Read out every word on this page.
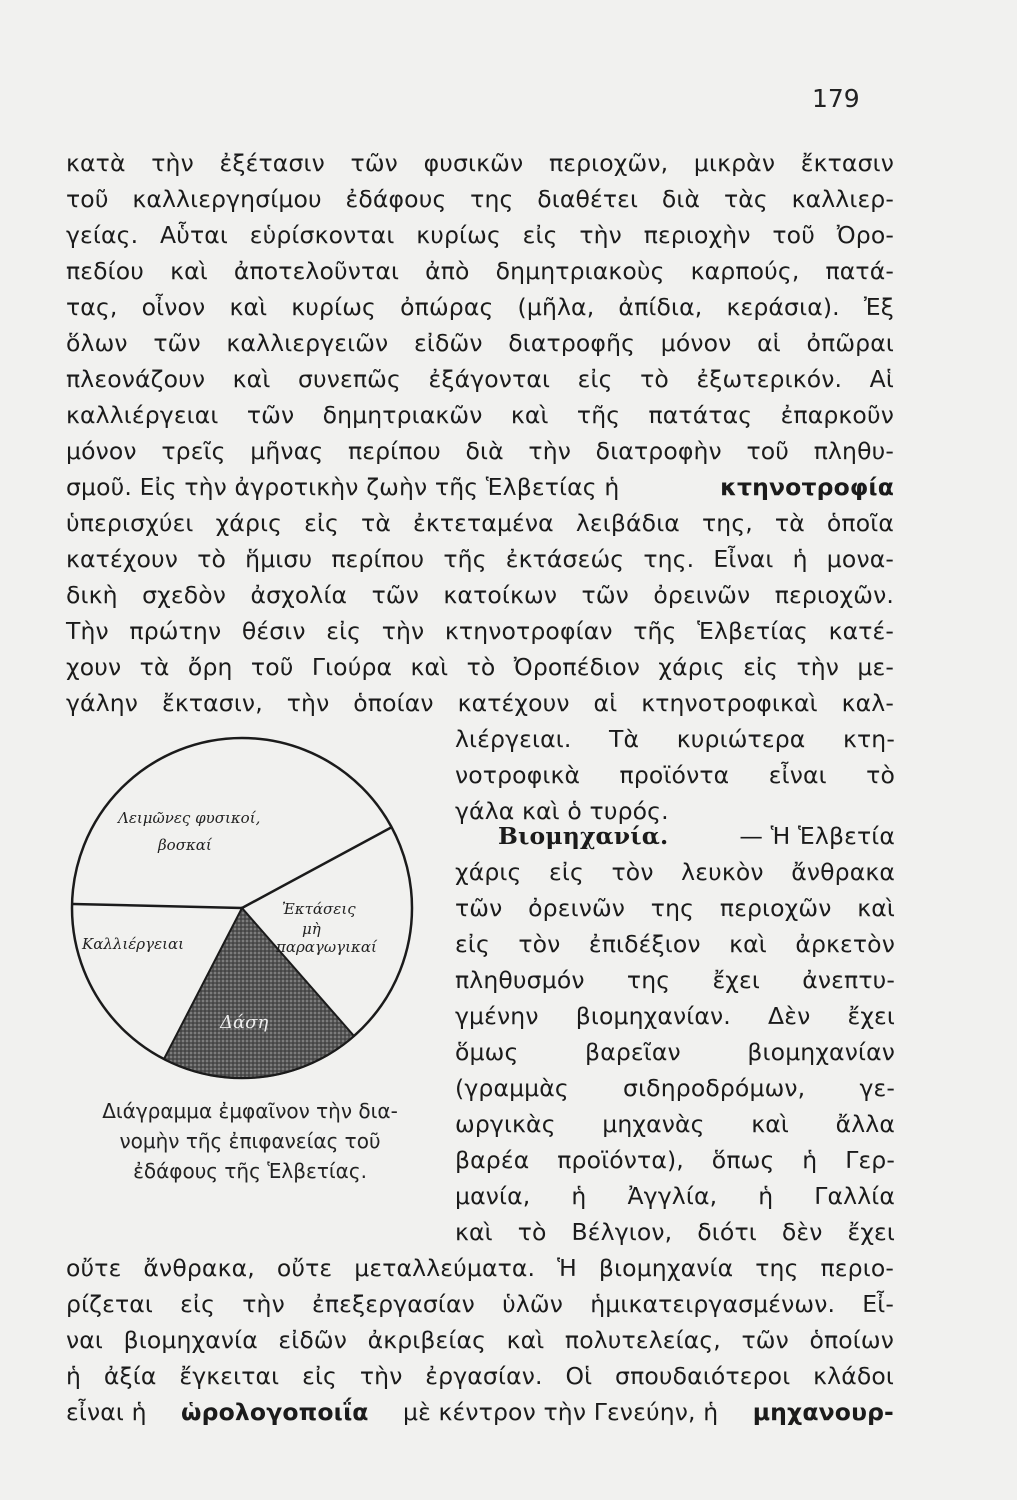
179
κατὰ τὴν ἐξέτασιν τῶν φυσικῶν περιοχῶν, μικρὰν ἔκτασιν
τοῦ καλλιεργησίμου ἐδάφους της διαθέτει διὰ τὰς καλλιερ-
γείας. Αὗται εὑρίσκονται κυρίως εἰς τὴν περιοχὴν τοῦ Ὀρο-
πεδίου καὶ ἀποτελοῦνται ἀπὸ δημητριακοὺς καρπούς, πατά-
τας, οἶνον καὶ κυρίως ὀπώρας (μῆλα, ἀπίδια, κεράσια). Ἐξ
ὅλων τῶν καλλιεργειῶν εἰδῶν διατροφῆς μόνον αἱ ὀπῶραι
πλεονάζουν καὶ συνεπῶς ἐξάγονται εἰς τὸ ἐξωτερικόν. Αἱ
καλλιέργειαι τῶν δημητριακῶν καὶ τῆς πατάτας ἐπαρκοῦν
μόνον τρεῖς μῆνας περίπου διὰ τὴν διατροφὴν τοῦ πληθυ-
σμοῦ. Εἰς τὴν ἀγροτικὴν ζωὴν τῆς Ἑλβετίας ἡ	κτηνοτροφία
ὑπερισχύει χάρις εἰς τὰ ἐκτεταμένα λειβάδια της, τὰ ὁποῖα
κατέχουν τὸ ἥμισυ περίπου τῆς ἐκτάσεώς της. Εἶναι ἡ μονα-
δικὴ σχεδὸν ἀσχολία τῶν κατοίκων τῶν ὀρεινῶν περιοχῶν.
Τὴν πρώτην θέσιν εἰς τὴν κτηνοτροφίαν τῆς Ἑλβετίας κατέ-
χουν τὰ ὄρη τοῦ Γιούρα καὶ τὸ Ὀροπέδιον χάρις εἰς τὴν με-
γάλην ἔκτασιν, τὴν ὁποίαν κατέχουν αἱ κτηνοτροφικαὶ καλ-
λιέργειαι. Τὰ κυριώτερα κτη-
νοτροφικὰ προϊόντα εἶναι τὸ
γάλα καὶ ὁ τυρός.
Βιομηχανία.	— Ἡ Ἑλβετία
χάρις εἰς τὸν λευκὸν ἄνθρακα
τῶν ὀρεινῶν της περιοχῶν καὶ
εἰς τὸν ἐπιδέξιον καὶ ἀρκετὸν
πληθυσμόν της ἔχει ἀνεπτυ-
γμένην βιομηχανίαν. Δὲν ἔχει
ὅμως βαρεῖαν βιομηχανίαν
(γραμμὰς σιδηροδρόμων, γε-
ωργικὰς μηχανὰς καὶ ἄλλα
βαρέα προϊόντα), ὅπως ἡ Γερ-
μανία, ἡ Ἀγγλία, ἡ Γαλλία
καὶ τὸ Βέλγιον, διότι δὲν ἔχει
Λειμῶνες φυσικοί,
βοσκαί
Καλλιέργειαι
Ἐκτάσεις
μὴ
παραγωγικαί
Δάση
Διάγραμμα ἐμφαῖνον τὴν δια-
νομὴν τῆς ἐπιφανείας τοῦ
ἐδάφους τῆς Ἑλβετίας.
οὔτε ἄνθρακα, οὔτε μεταλλεύματα. Ἡ βιομηχανία της περιο-
ρίζεται εἰς τὴν ἐπεξεργασίαν ὑλῶν ἡμικατειργασμένων. Εἶ-
ναι βιομηχανία εἰδῶν ἀκριβείας καὶ πολυτελείας, τῶν ὁποίων
ἡ ἀξία ἔγκειται εἰς τὴν ἐργασίαν. Οἱ σπουδαιότεροι κλάδοι
εἶναι ἡ ὡρολογοποιΐα μὲ κέντρον τὴν Γενεύην, ἡ μηχανουρ-
